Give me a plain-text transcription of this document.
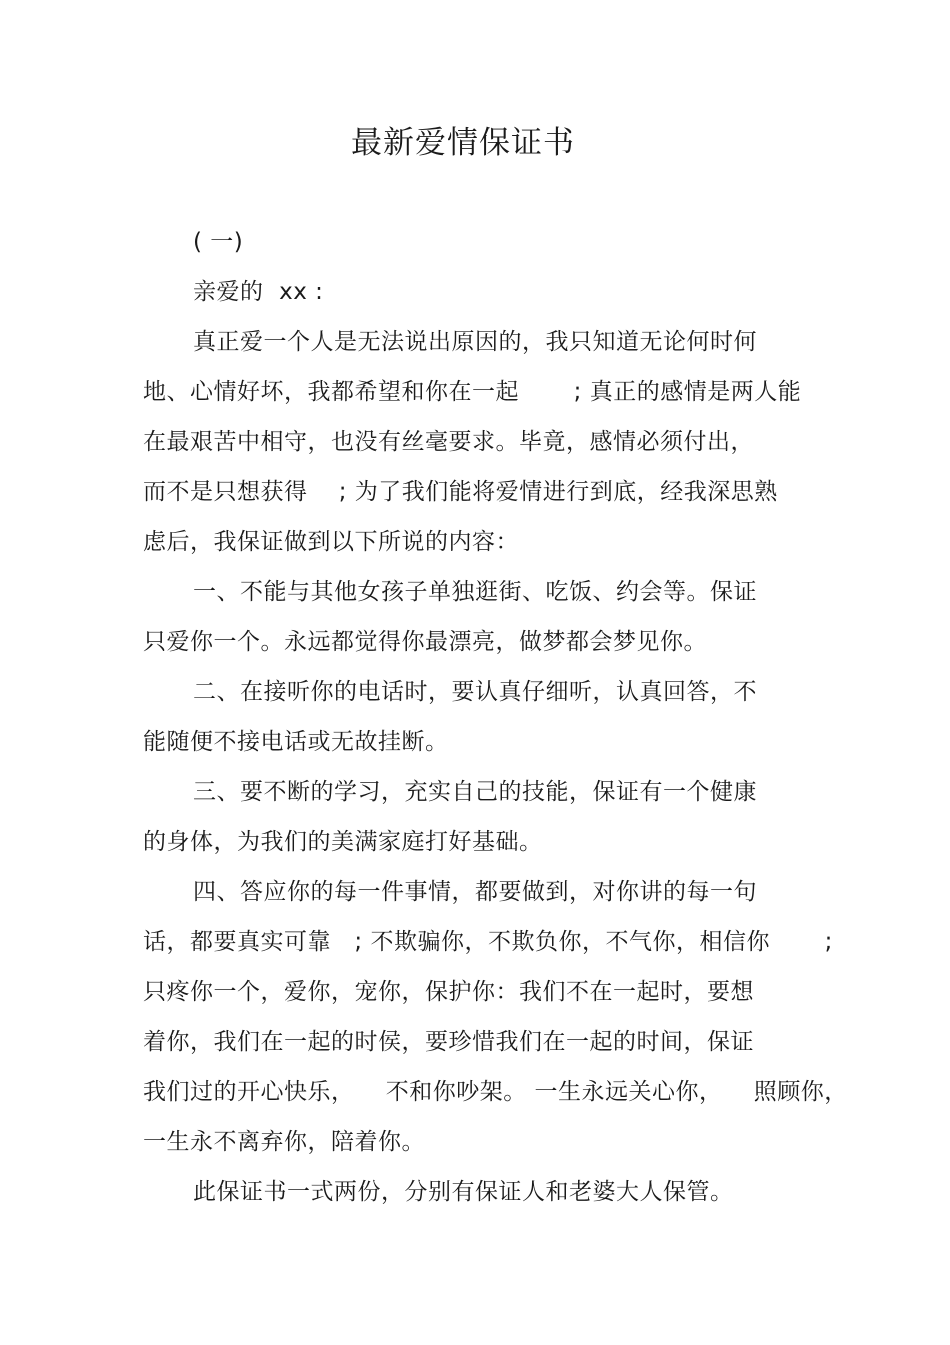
最新爱情保证书

( 一)

亲爱的  xx :

真正爱一个人是无法说出原因的，我只知道无论何时何

地、心情好坏，我都希望和你在一起       ; 真正的感情是两人能

在最艰苦中相守，也没有丝毫要求。毕竟，感情必须付出，

而不是只想获得    ; 为了我们能将爱情进行到底，经我深思熟

虑后，我保证做到以下所说的内容：

一、不能与其他女孩子单独逛街、吃饭、约会等。保证

只爱你一个。永远都觉得你最漂亮，做梦都会梦见你。

二、在接听你的电话时，要认真仔细听，认真回答，不

能随便不接电话或无故挂断。

三、要不断的学习，充实自己的技能，保证有一个健康

的身体，为我们的美满家庭打好基础。

四、答应你的每一件事情，都要做到，对你讲的每一句

话，都要真实可靠   ; 不欺骗你，不欺负你，不气你，相信你       ;

只疼你一个，爱你，宠你，保护你：我们不在一起时，要想

着你，我们在一起的时侯，要珍惜我们在一起的时间，保证

我们过的开心快乐，    不和你吵架。 一生永远关心你，    照顾你，

一生永不离弃你，陪着你。

此保证书一式两份，分别有保证人和老婆大人保管。
